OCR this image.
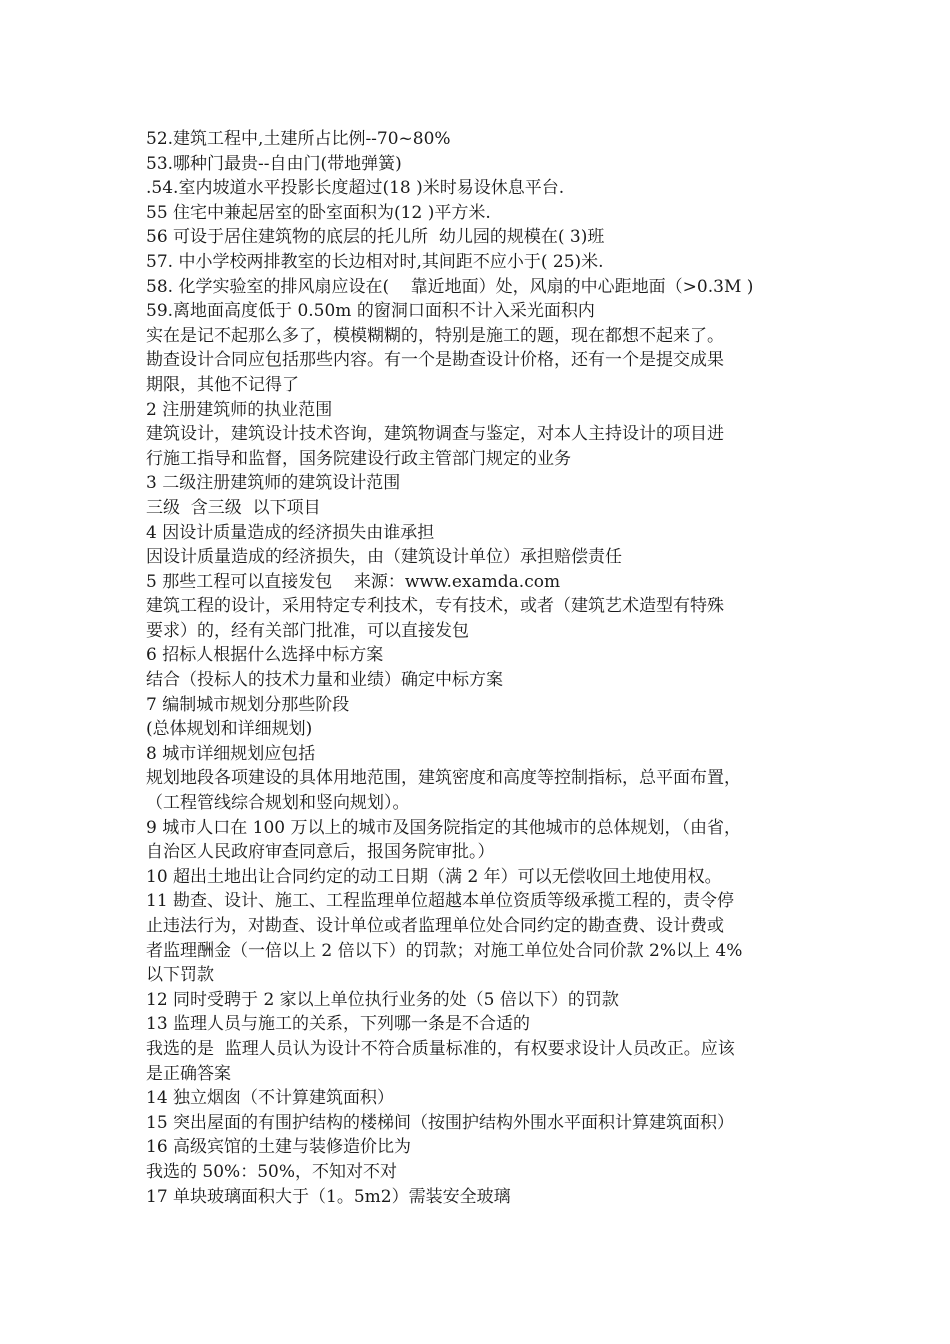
52.建筑工程中,土建所占比例--70~80%
53.哪种门最贵--自由门(带地弹簧)
.54.室内坡道水平投影长度超过(18 )米时易设休息平台.
55 住宅中兼起居室的卧室面积为(12 )平方米.
56 可设于居住建筑物的底层的托儿所  幼儿园的规模在( 3)班
57. 中小学校两排教室的长边相对时,其间距不应小于( 25)米.
58. 化学实验室的排风扇应设在(    靠近地面）处，风扇的中心距地面（>0.3M )
59.离地面高度低于 0.50m 的窗洞口面积不计入采光面积内
实在是记不起那么多了，模模糊糊的，特别是施工的题，现在都想不起来了。
勘查设计合同应包括那些内容。有一个是勘查设计价格，还有一个是提交成果
期限，其他不记得了
2 注册建筑师的执业范围
建筑设计，建筑设计技术咨询，建筑物调查与鉴定，对本人主持设计的项目进
行施工指导和监督，国务院建设行政主管部门规定的业务
3 二级注册建筑师的建筑设计范围
三级  含三级  以下项目
4 因设计质量造成的经济损失由谁承担
因设计质量造成的经济损失，由（建筑设计单位）承担赔偿责任
5 那些工程可以直接发包    来源：www.examda.com
建筑工程的设计，采用特定专利技术，专有技术，或者（建筑艺术造型有特殊
要求）的，经有关部门批准，可以直接发包
6 招标人根据什么选择中标方案
结合（投标人的技术力量和业绩）确定中标方案
7 编制城市规划分那些阶段
(总体规划和详细规划)
8 城市详细规划应包括
规划地段各项建设的具体用地范围，建筑密度和高度等控制指标，总平面布置，
（工程管线综合规划和竖向规划）。
9 城市人口在 100 万以上的城市及国务院指定的其他城市的总体规划，（由省，
自治区人民政府审查同意后，报国务院审批。）
10 超出土地出让合同约定的动工日期（满 2 年）可以无偿收回土地使用权。
11 勘查、设计、施工、工程监理单位超越本单位资质等级承揽工程的，责令停
止违法行为，对勘查、设计单位或者监理单位处合同约定的勘查费、设计费或
者监理酬金（一倍以上 2 倍以下）的罚款；对施工单位处合同价款 2%以上 4%
以下罚款
12 同时受聘于 2 家以上单位执行业务的处（5 倍以下）的罚款
13 监理人员与施工的关系，下列哪一条是不合适的
我选的是  监理人员认为设计不符合质量标准的，有权要求设计人员改正。应该
是正确答案
14 独立烟囱（不计算建筑面积）
15 突出屋面的有围护结构的楼梯间（按围护结构外围水平面积计算建筑面积）
16 高级宾馆的土建与装修造价比为
我选的 50%：50%，不知对不对
17 单块玻璃面积大于（1。5m2）需装安全玻璃
